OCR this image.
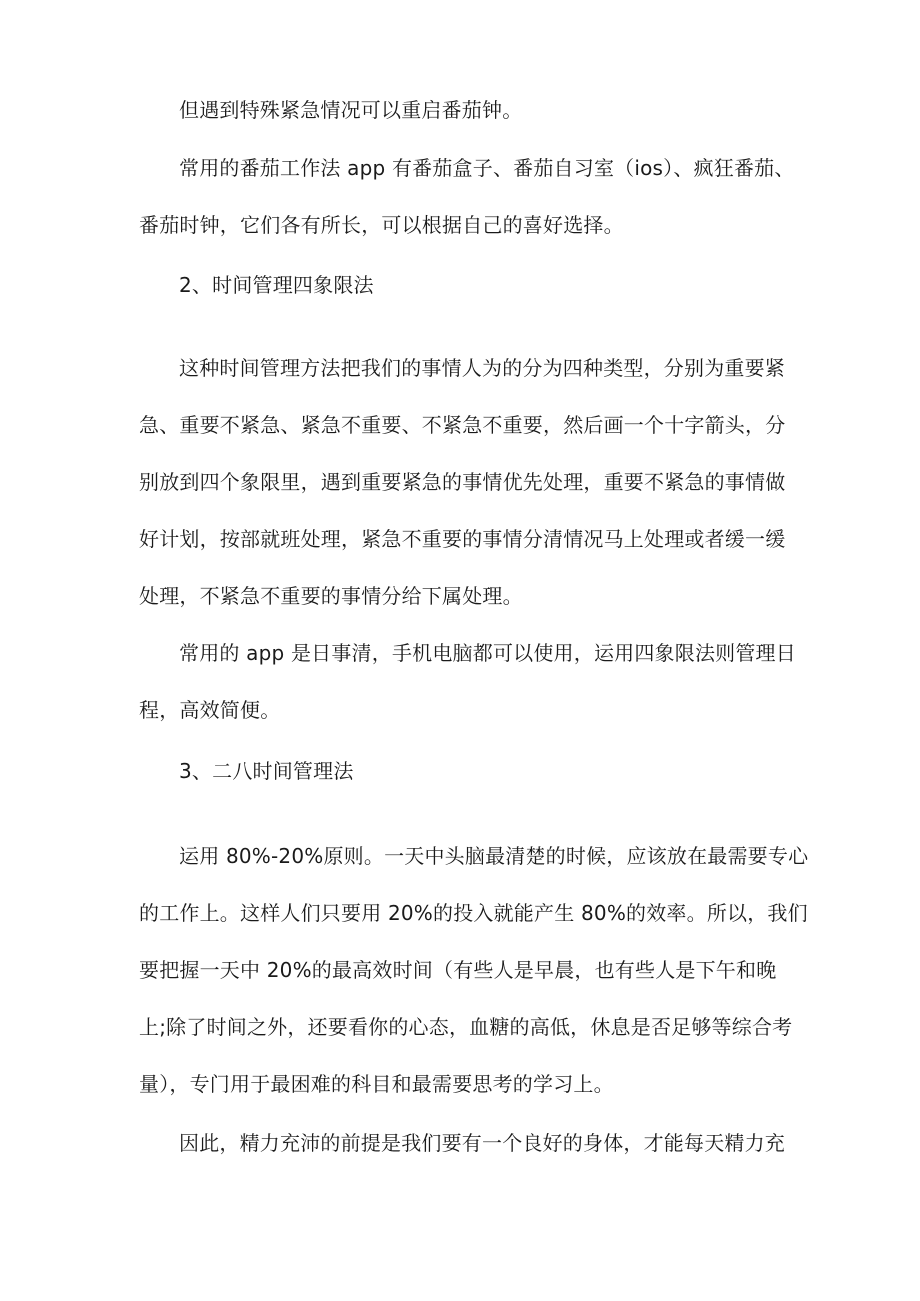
但遇到特殊紧急情况可以重启番茄钟。
常用的番茄工作法 app 有番茄盒子、番茄自习室（ios）、疯狂番茄、
番茄时钟，它们各有所长，可以根据自己的喜好选择。
2、时间管理四象限法
这种时间管理方法把我们的事情人为的分为四种类型，分别为重要紧
急、重要不紧急、紧急不重要、不紧急不重要，然后画一个十字箭头，分
别放到四个象限里，遇到重要紧急的事情优先处理，重要不紧急的事情做
好计划，按部就班处理，紧急不重要的事情分清情况马上处理或者缓一缓
处理，不紧急不重要的事情分给下属处理。
常用的 app 是日事清，手机电脑都可以使用，运用四象限法则管理日
程，高效简便。
3、二八时间管理法
运用 80%-20%原则。一天中头脑最清楚的时候，应该放在最需要专心
的工作上。这样人们只要用 20%的投入就能产生 80%的效率。所以，我们
要把握一天中 20%的最高效时间（有些人是早晨，也有些人是下午和晚
上;除了时间之外，还要看你的心态，血糖的高低，休息是否足够等综合考
量），专门用于最困难的科目和最需要思考的学习上。
因此，精力充沛的前提是我们要有一个良好的身体，才能每天精力充
